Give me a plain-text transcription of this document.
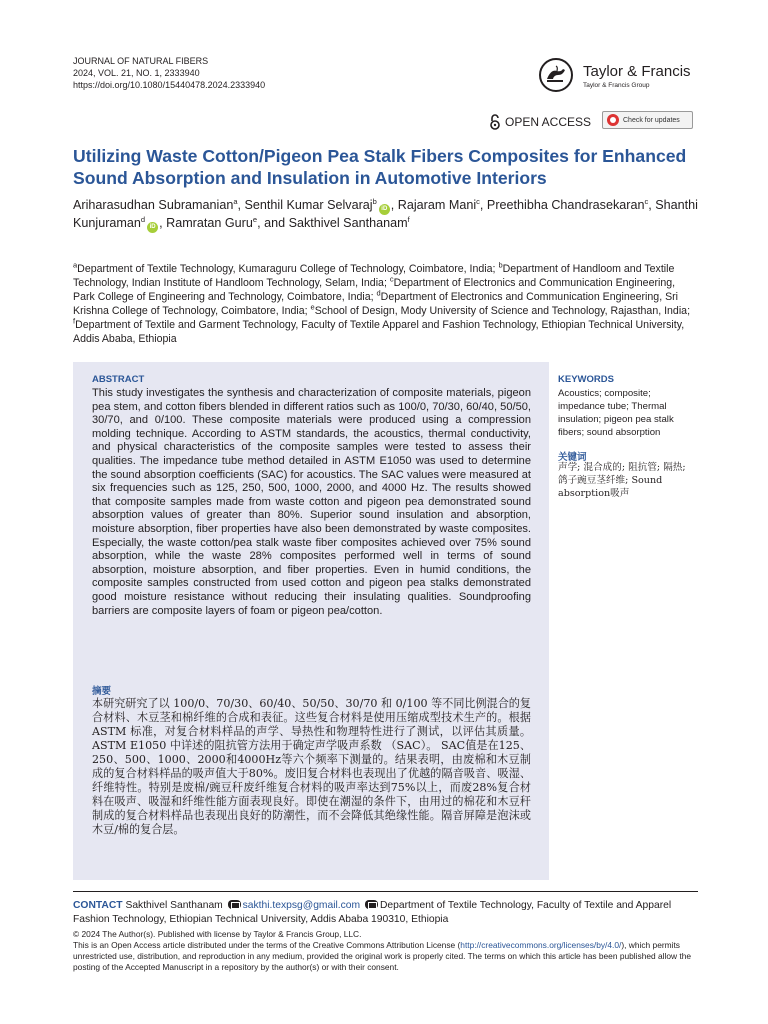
JOURNAL OF NATURAL FIBERS
2024, VOL. 21, NO. 1, 2333940
https://doi.org/10.1080/15440478.2024.2333940
Taylor & Francis
Taylor & Francis Group
OPEN ACCESS	Check for updates
Utilizing Waste Cotton/Pigeon Pea Stalk Fibers Composites for Enhanced Sound Absorption and Insulation in Automotive Interiors
Ariharasudhan Subramanian$^a$, Senthil Kumar Selvaraj$^b$iD , Rajaram Mani$^c$, Preethibha Chandrasekaran$^c$, Shanthi Kunjuraman$^d$iD , Ramratan Guru$^e$, and Sakthivel Santhanam$^f$
$^a$Department of Textile Technology, Kumaraguru College of Technology, Coimbatore, India; $^b$Department of Handloom and Textile Technology, Indian Institute of Handloom Technology, Selam, India; $^c$Department of Electronics and Communication Engineering, Park College of Engineering and Technology, Coimbatore, India; $^d$Department of Electronics and Communication Engineering, Sri Krishna College of Technology, Coimbatore, India; $^e$School of Design, Mody University of Science and Technology, Rajasthan, India; $^f$Department of Textile and Garment Technology, Faculty of Textile Apparel and Fashion Technology, Ethiopian Technical University, Addis Ababa, Ethiopia
ABSTRACT
This study investigates the synthesis and characterization of composite materials, pigeon pea stem, and cotton fibers blended in different ratios such as 100/0, 70/30, 60/40, 50/50, 30/70, and 0/100. These composite materials were produced using a compression molding technique. According to ASTM standards, the acoustics, thermal conductivity, and physical characteristics of the composite samples were tested to assess their qualities. The impedance tube method detailed in ASTM E1050 was used to determine the sound absorption coefficients (SAC) for acoustics. The SAC values were measured at six frequencies such as 125, 250, 500, 1000, 2000, and 4000 Hz. The results showed that composite samples made from waste cotton and pigeon pea demonstrated sound absorption values of greater than 80%. Superior sound insulation and absorption, moisture absorption, fiber properties have also been demonstrated by waste composites. Especially, the waste cotton/pea stalk waste fiber composites achieved over 75% sound absorption, while the waste 28% composites performed well in terms of sound absorption, moisture absorption, and fiber properties. Even in humid conditions, the composite samples constructed from used cotton and pigeon pea stalks demonstrated good moisture resistance without reducing their insulating qualities. Soundproofing barriers are composite layers of foam or pigeon pea/cotton.
摘要
本研究研究了以 100/0、70/30、60/40、50/50、30/70 和 0/100 等不同比例混合的复合材料、木豆茎和棉纤维的合成和表征。这些复合材料是使用压缩成型技术生产的。根据 ASTM 标准，对复合材料样品的声学、导热性和物理特性进行了测试，以评估其质量。 ASTM E1050 中详述的阻抗管方法用于确定声学吸声系数 （SAC）。 SAC值是在125、250、500、1000、2000和4000Hz等六个频率下测量的。结果表明，由废棉和木豆制成的复合材料样品的吸声值大于80%。废旧复合材料也表现出了优越的隔音吸音、吸湿、纤维特性。特别是废棉/豌豆秆废纤维复合材料的吸声率达到75%以上，而废28%复合材料在吸声、吸湿和纤维性能方面表现良好。即使在潮湿的条件下，由用过的棉花和木豆秆制成的复合材料样品也表现出良好的防潮性，而不会降低其绝缘性能。隔音屏障是泡沫或木豆/棉的复合层。
KEYWORDS
Acoustics; composite; impedance tube; Thermal insulation; pigeon pea stalk fibers; sound absorption
关键词
声学; 混合成的; 阻抗管; 隔热; 鸽子豌豆茎纤维; Sound absorption吸声
CONTACT Sakthivel Santhanam sakthi.texpsg@gmail.com Department of Textile Technology, Faculty of Textile and Apparel Fashion Technology, Ethiopian Technical University, Addis Ababa 190310, Ethiopia
© 2024 The Author(s). Published with license by Taylor & Francis Group, LLC.
This is an Open Access article distributed under the terms of the Creative Commons Attribution License (http://creativecommons.org/licenses/by/4.0/), which permits unrestricted use, distribution, and reproduction in any medium, provided the original work is properly cited. The terms on which this article has been published allow the posting of the Accepted Manuscript in a repository by the author(s) or with their consent.
